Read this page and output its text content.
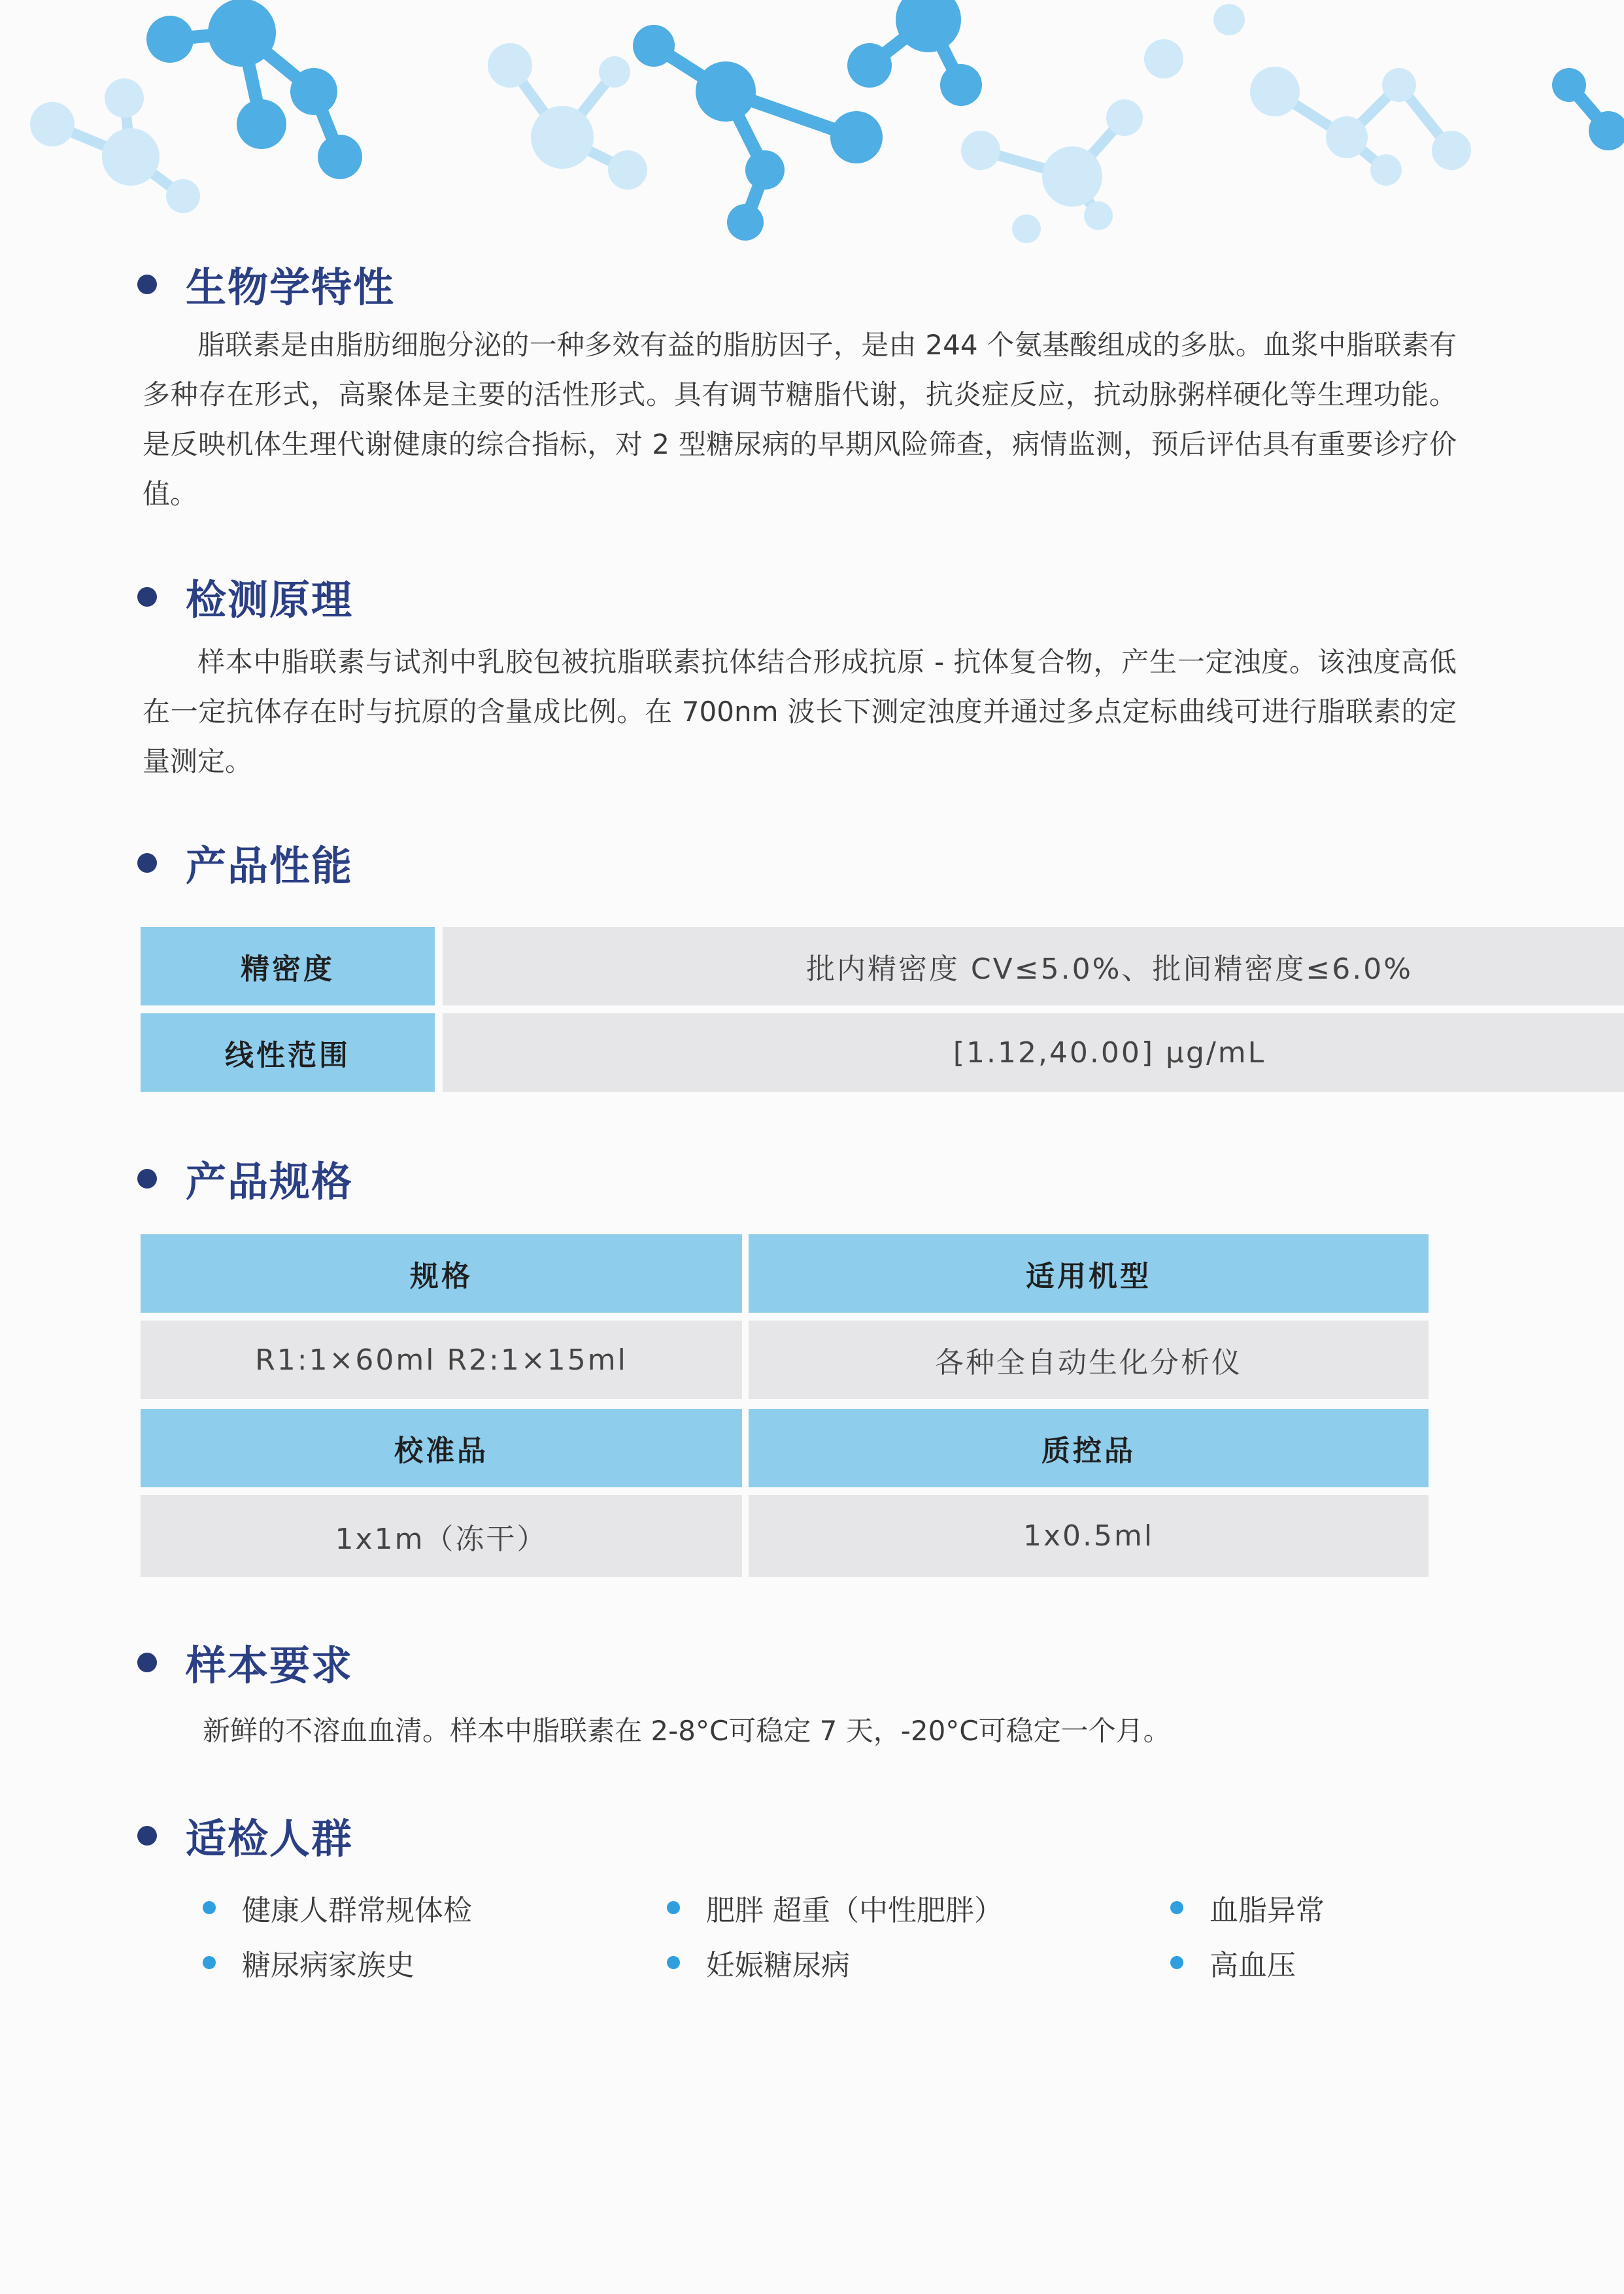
生物学特性

脂联素是由脂肪细胞分泌的一种多效有益的脂肪因子，是由 244 个氨基酸组成的多肽。血浆中脂联素有多种存在形式，高聚体是主要的活性形式。具有调节糖脂代谢，抗炎症反应，抗动脉粥样硬化等生理功能。是反映机体生理代谢健康的综合指标，对 2 型糖尿病的早期风险筛查，病情监测，预后评估具有重要诊疗价值。

检测原理

样本中脂联素与试剂中乳胶包被抗脂联素抗体结合形成抗原 - 抗体复合物，产生一定浊度。该浊度高低在一定抗体存在时与抗原的含量成比例。在 700nm 波长下测定浊度并通过多点定标曲线可进行脂联素的定量测定。

产品性能
精密度	批内精密度 CV≤5.0%、批间精密度≤6.0%
线性范围	[1.12,40.00] μg/mL
产品规格
规格	适用机型
R1:1×60ml R2:1×15ml	各种全自动生化分析仪
校准品	质控品
1x1m（冻干）	1x0.5ml
样本要求

新鲜的不溶血血清。样本中脂联素在 2-8°C可稳定 7 天，-20°C可稳定一个月。

适检人群
健康人群常规体检	肥胖 超重（中性肥胖）	血脂异常
糖尿病家族史	妊娠糖尿病	高血压
